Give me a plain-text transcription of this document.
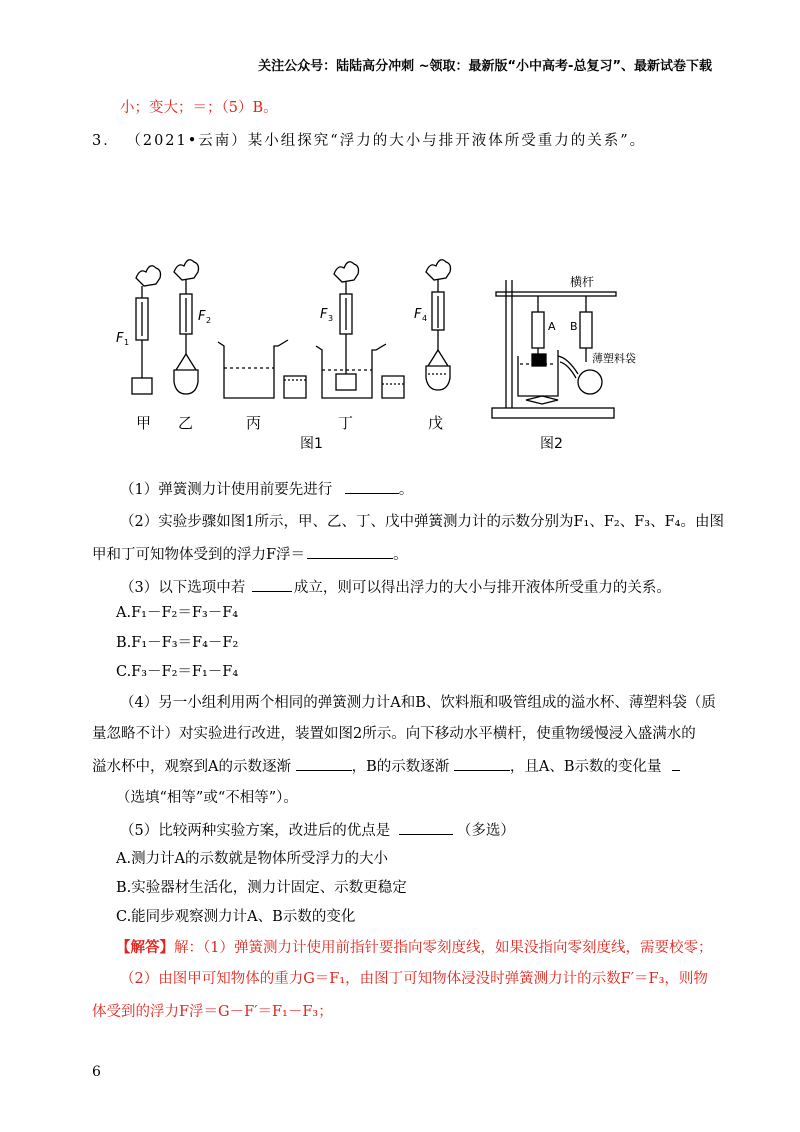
关注公众号：陆陆高分冲刺 ~领取：最新版“小中高考-总复习”、最新试卷下载
小；变大；＝；（5）B。
3． （2021•云南）某小组探究“浮力的大小与排开液体所受重力的关系”。
F 1
F 2	F 3	F 4
甲 乙	丙	丁	戊
图1
横杆
A B
薄塑料袋
图2
（1）弹簧测力计使用前要先进行	。
（2）实验步骤如图1所示，甲、乙、丁、戊中弹簧测力计的示数分别为F₁、F₂、F₃、F₄。由图
甲和丁可知物体受到的浮力F浮＝	。
（3）以下选项中若	成立，则可以得出浮力的大小与排开液体所受重力的关系。
A.F₁－F₂＝F₃－F₄
B.F₁－F₃＝F₄－F₂
C.F₃－F₂＝F₁－F₄
（4）另一小组利用两个相同的弹簧测力计A和B、饮料瓶和吸管组成的溢水杯、薄塑料袋（质
量忽略不计）对实验进行改进，装置如图2所示。向下移动水平横杆，使重物缓慢浸入盛满水的
溢水杯中，观察到A的示数逐渐	，B的示数逐渐	，且A、B示数的变化量
（选填“相等”或“不相等”）。
（5）比较两种实验方案，改进后的优点是	（多选）
A.测力计A的示数就是物体所受浮力的大小
B.实验器材生活化，测力计固定、示数更稳定
C.能同步观察测力计A、B示数的变化
【解答】解：（1）弹簧测力计使用前指针要指向零刻度线，如果没指向零刻度线，需要校零；
（2）由图甲可知物体的重力G＝F₁，由图丁可知物体浸没时弹簧测力计的示数F′＝F₃，则物
体受到的浮力F浮＝G－F′＝F₁－F₃；
6
